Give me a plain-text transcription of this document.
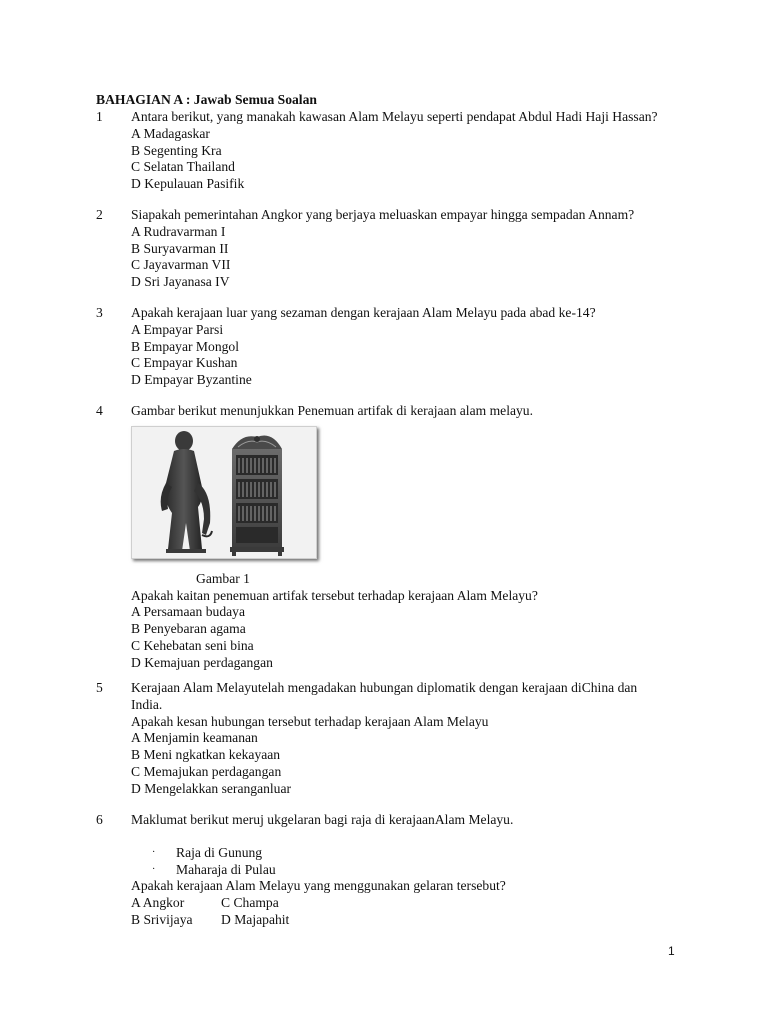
BAHAGIAN A : Jawab Semua Soalan
1	Antara berikut, yang manakah kawasan Alam Melayu seperti pendapat Abdul Hadi Haji Hassan?
A Madagaskar
B Segenting Kra
C Selatan Thailand
D Kepulauan Pasifik
2	Siapakah pemerintahan Angkor yang berjaya meluaskan empayar hingga sempadan Annam?
A Rudravarman I
B Suryavarman II
C Jayavarman VII
D Sri Jayanasa IV
3	Apakah kerajaan luar yang sezaman dengan kerajaan Alam Melayu pada abad ke-14?
A Empayar Parsi
B Empayar Mongol
C Empayar Kushan
D Empayar Byzantine
4	Gambar berikut menunjukkan Penemuan artifak di kerajaan alam melayu.
Gambar 1
Apakah kaitan penemuan artifak tersebut terhadap kerajaan Alam Melayu?
A Persamaan budaya
B Penyebaran agama
C Kehebatan seni bina
D Kemajuan perdagangan
5	Kerajaan Alam Melayutelah mengadakan hubungan diplomatik dengan kerajaan diChina dan India.
Apakah kesan hubungan tersebut terhadap kerajaan Alam Melayu
A Menjamin keamanan
B Meni ngkatkan kekayaan
C Memajukan perdagangan
D Mengelakkan seranganluar
6	Maklumat berikut meruj ukgelaran bagi raja di kerajaanAlam Melayu.
·	Raja di Gunung
·	Maharaja di Pulau
Apakah kerajaan Alam Melayu yang menggunakan gelaran tersebut?
A Angkor	C Champa
B Srivijaya	D Majapahit
1
